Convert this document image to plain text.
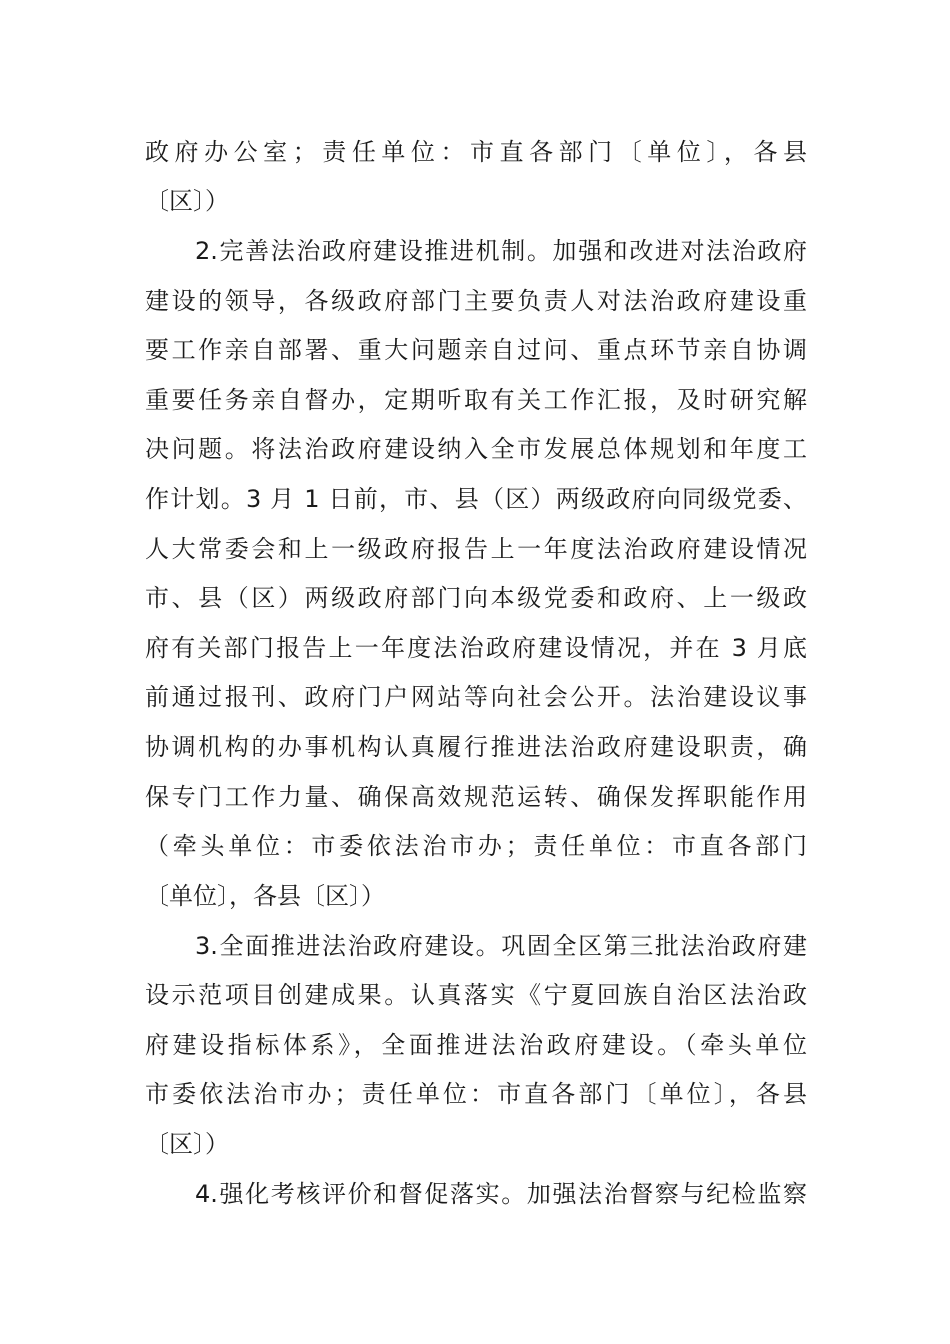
政府办公室；责任单位：市直各部门〔单位〕，各县
〔区〕）
2.完善法治政府建设推进机制。加强和改进对法治政府
建设的领导，各级政府部门主要负责人对法治政府建设重
要工作亲自部署、重大问题亲自过问、重点环节亲自协调
重要任务亲自督办，定期听取有关工作汇报，及时研究解
决问题。将法治政府建设纳入全市发展总体规划和年度工
作计划。3 月 1 日前，市、县（区）两级政府向同级党委、
人大常委会和上一级政府报告上一年度法治政府建设情况
市、县（区）两级政府部门向本级党委和政府、上一级政
府有关部门报告上一年度法治政府建设情况，并在 3 月底
前通过报刊、政府门户网站等向社会公开。法治建设议事
协调机构的办事机构认真履行推进法治政府建设职责，确
保专门工作力量、确保高效规范运转、确保发挥职能作用
（牵头单位：市委依法治市办；责任单位：市直各部门
〔单位〕，各县〔区〕）
3.全面推进法治政府建设。巩固全区第三批法治政府建
设示范项目创建成果。认真落实《宁夏回族自治区法治政
府建设指标体系》，全面推进法治政府建设。（牵头单位
市委依法治市办；责任单位：市直各部门〔单位〕，各县
〔区〕）
4.强化考核评价和督促落实。加强法治督察与纪检监察
